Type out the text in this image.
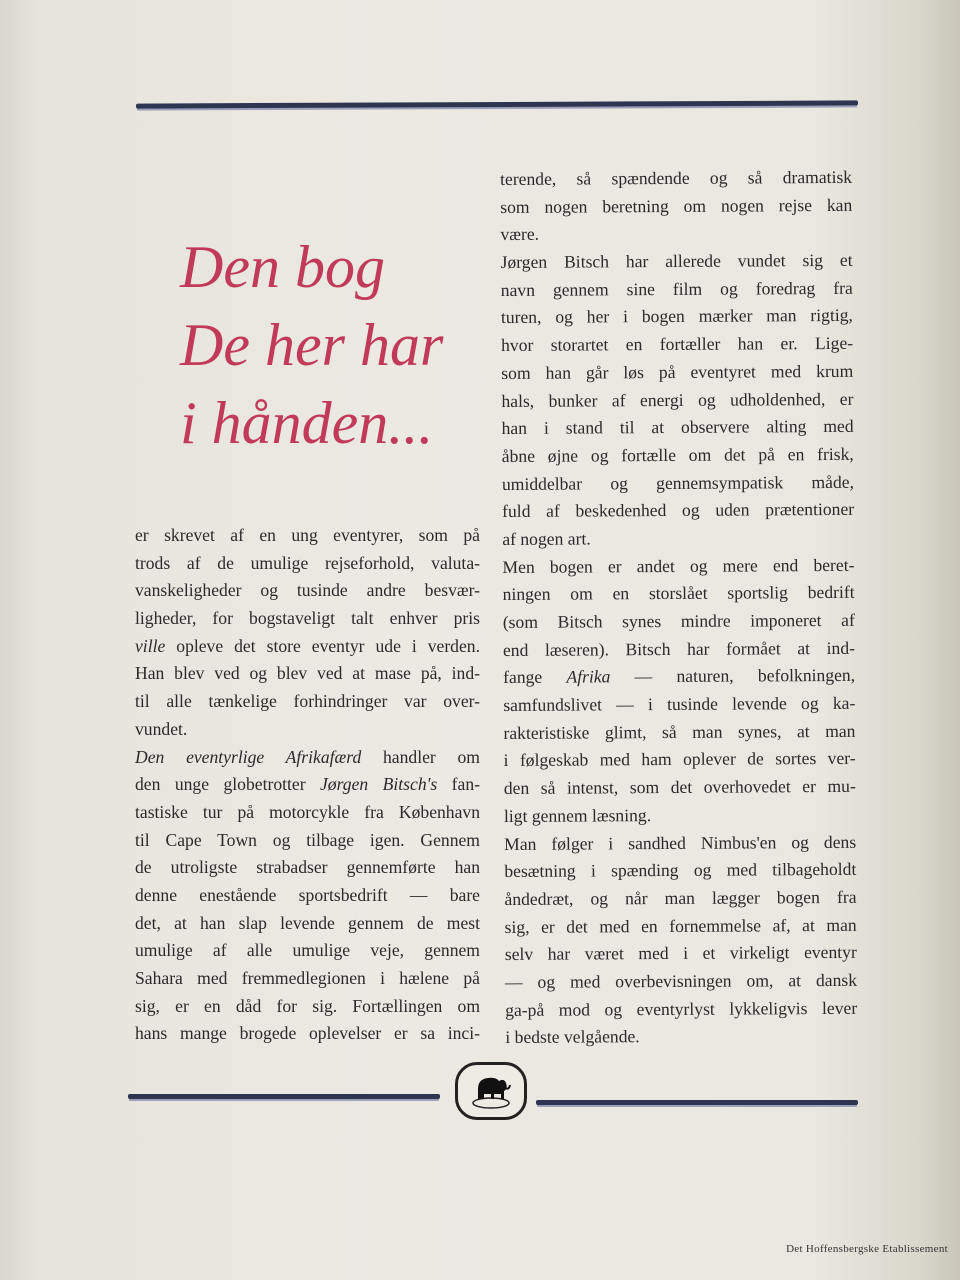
Den bog
De her har
i hånden...
er skrevet af en ung eventyrer, som på
trods af de umulige rejseforhold, valuta-
vanskeligheder og tusinde andre besvær-
ligheder, for bogstaveligt talt enhver pris
ville opleve det store eventyr ude i verden.
Han blev ved og blev ved at mase på, ind-
til alle tænkelige forhindringer var over-
vundet.
Den eventyrlige Afrikafærd handler om
den unge globetrotter Jørgen Bitsch's fan-
tastiske tur på motorcykle fra København
til Cape Town og tilbage igen. Gennem
de utroligste strabadser gennemførte han
denne enestående sportsbedrift — bare
det, at han slap levende gennem de mest
umulige af alle umulige veje, gennem
Sahara med fremmedlegionen i hælene på
sig, er en dåd for sig. Fortællingen om
hans mange brogede oplevelser er sa inci-
terende, så spændende og så dramatisk
som nogen beretning om nogen rejse kan
være.
Jørgen Bitsch har allerede vundet sig et
navn gennem sine film og foredrag fra
turen, og her i bogen mærker man rigtig,
hvor storartet en fortæller han er. Lige-
som han går løs på eventyret med krum
hals, bunker af energi og udholdenhed, er
han i stand til at observere alting med
åbne øjne og fortælle om det på en frisk,
umiddelbar og gennemsympatisk måde,
fuld af beskedenhed og uden prætentioner
af nogen art.
Men bogen er andet og mere end beret-
ningen om en storslået sportslig bedrift
(som Bitsch synes mindre imponeret af
end læseren). Bitsch har formået at ind-
fange Afrika — naturen, befolkningen,
samfundslivet — i tusinde levende og ka-
rakteristiske glimt, så man synes, at man
i følgeskab med ham oplever de sortes ver-
den så intenst, som det overhovedet er mu-
ligt gennem læsning.
Man følger i sandhed Nimbus'en og dens
besætning i spænding og med tilbageholdt
åndedræt, og når man lægger bogen fra
sig, er det med en fornemmelse af, at man
selv har været med i et virkeligt eventyr
— og med overbevisningen om, at dansk
ga-på mod og eventyrlyst lykkeligvis lever
i bedste velgående.
Det Hoffensbergske Etablissement
